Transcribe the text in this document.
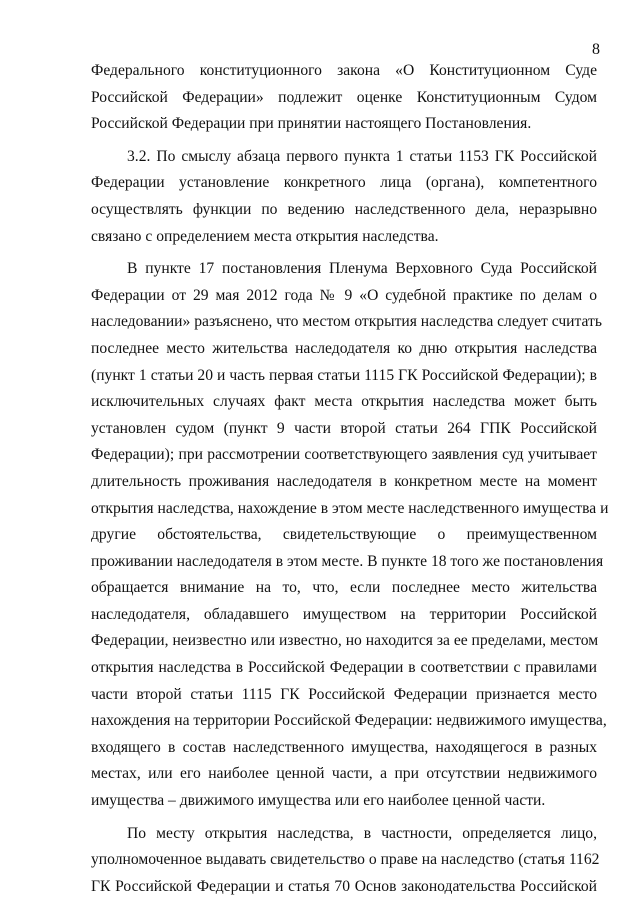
8
Федерального конституционного закона «О Конституционном Суде
Российской Федерации» подлежит оценке Конституционным Судом
Российской Федерации при принятии настоящего Постановления.
3.2. По смыслу абзаца первого пункта 1 статьи 1153 ГК Российской
Федерации установление конкретного лица (органа), компетентного
осуществлять функции по ведению наследственного дела, неразрывно
связано с определением места открытия наследства.
В пункте 17 постановления Пленума Верховного Суда Российской
Федерации от 29 мая 2012 года № 9 «О судебной практике по делам о
наследовании» разъяснено, что местом открытия наследства следует считать
последнее место жительства наследодателя ко дню открытия наследства
(пункт 1 статьи 20 и часть первая статьи 1115 ГК Российской Федерации); в
исключительных случаях факт места открытия наследства может быть
установлен судом (пункт 9 части второй статьи 264 ГПК Российской
Федерации); при рассмотрении соответствующего заявления суд учитывает
длительность проживания наследодателя в конкретном месте на момент
открытия наследства, нахождение в этом месте наследственного имущества и
другие обстоятельства, свидетельствующие о преимущественном
проживании наследодателя в этом месте. В пункте 18 того же постановления
обращается внимание на то, что, если последнее место жительства
наследодателя, обладавшего имуществом на территории Российской
Федерации, неизвестно или известно, но находится за ее пределами, местом
открытия наследства в Российской Федерации в соответствии с правилами
части второй статьи 1115 ГК Российской Федерации признается место
нахождения на территории Российской Федерации: недвижимого имущества,
входящего в состав наследственного имущества, находящегося в разных
местах, или его наиболее ценной части, а при отсутствии недвижимого
имущества – движимого имущества или его наиболее ценной части.
По месту открытия наследства, в частности, определяется лицо,
уполномоченное выдавать свидетельство о праве на наследство (статья 1162
ГК Российской Федерации и статья 70 Основ законодательства Российской
